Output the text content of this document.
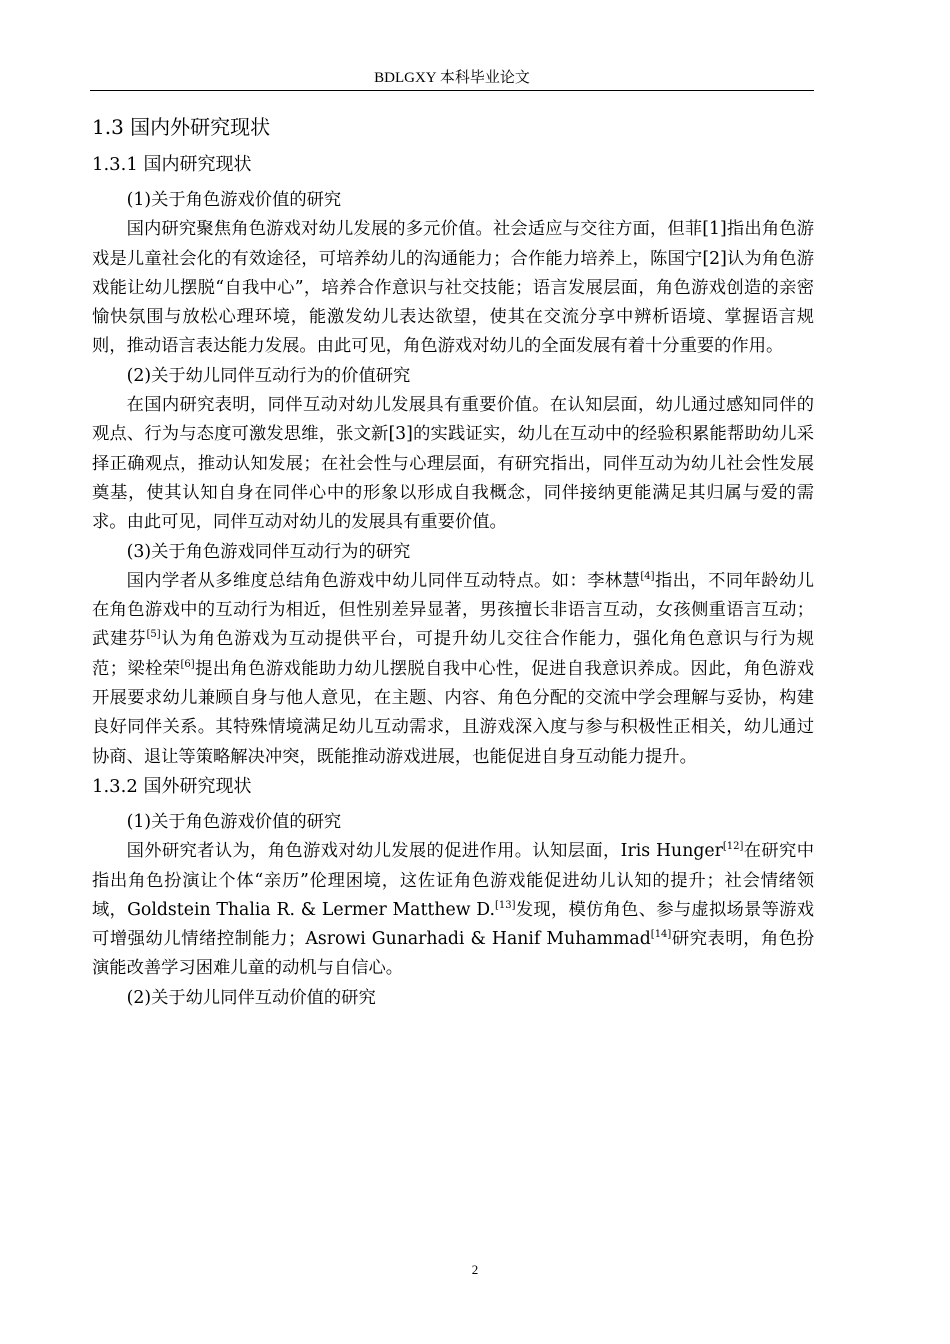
BDLGXY 本科毕业论文
1.3 国内外研究现状
1.3.1 国内研究现状

(1)关于角色游戏价值的研究

国内研究聚焦角色游戏对幼儿发展的多元价值。社会适应与交往方面，但菲[1]指出角色游戏是儿童社会化的有效途径，可培养幼儿的沟通能力；合作能力培养上，陈国宁[2]认为角色游戏能让幼儿摆脱“自我中心”，培养合作意识与社交技能；语言发展层面，角色游戏创造的亲密愉快氛围与放松心理环境，能激发幼儿表达欲望，使其在交流分享中辨析语境、掌握语言规则，推动语言表达能力发展。由此可见，角色游戏对幼儿的全面发展有着十分重要的作用。

(2)关于幼儿同伴互动行为的价值研究

在国内研究表明，同伴互动对幼儿发展具有重要价值。在认知层面，幼儿通过感知同伴的观点、行为与态度可激发思维，张文新[3]的实践证实，幼儿在互动中的经验积累能帮助幼儿采择正确观点，推动认知发展；在社会性与心理层面，有研究指出，同伴互动为幼儿社会性发展奠基，使其认知自身在同伴心中的形象以形成自我概念，同伴接纳更能满足其归属与爱的需求。由此可见，同伴互动对幼儿的发展具有重要价值。

(3)关于角色游戏同伴互动行为的研究

国内学者从多维度总结角色游戏中幼儿同伴互动特点。如：李林慧[4]指出，不同年龄幼儿在角色游戏中的互动行为相近，但性别差异显著，男孩擅长非语言互动，女孩侧重语言互动；武建芬[5]认为角色游戏为互动提供平台，可提升幼儿交往合作能力，强化角色意识与行为规范；梁栓荣[6]提出角色游戏能助力幼儿摆脱自我中心性，促进自我意识养成。因此，角色游戏开展要求幼儿兼顾自身与他人意见，在主题、内容、角色分配的交流中学会理解与妥协，构建良好同伴关系。其特殊情境满足幼儿互动需求，且游戏深入度与参与积极性正相关，幼儿通过协商、退让等策略解决冲突，既能推动游戏进展，也能促进自身互动能力提升。

1.3.2 国外研究现状

(1)关于角色游戏价值的研究

国外研究者认为，角色游戏对幼儿发展的促进作用。认知层面，Iris Hunger[12]在研究中指出角色扮演让个体“亲历”伦理困境，这佐证角色游戏能促进幼儿认知的提升；社会情绪领域，Goldstein Thalia R. & Lermer Matthew D.[13]发现，模仿角色、参与虚拟场景等游戏可增强幼儿情绪控制能力；Asrowi Gunarhadi & Hanif Muhammad[14]研究表明，角色扮演能改善学习困难儿童的动机与自信心。

(2)关于幼儿同伴互动价值的研究

2
